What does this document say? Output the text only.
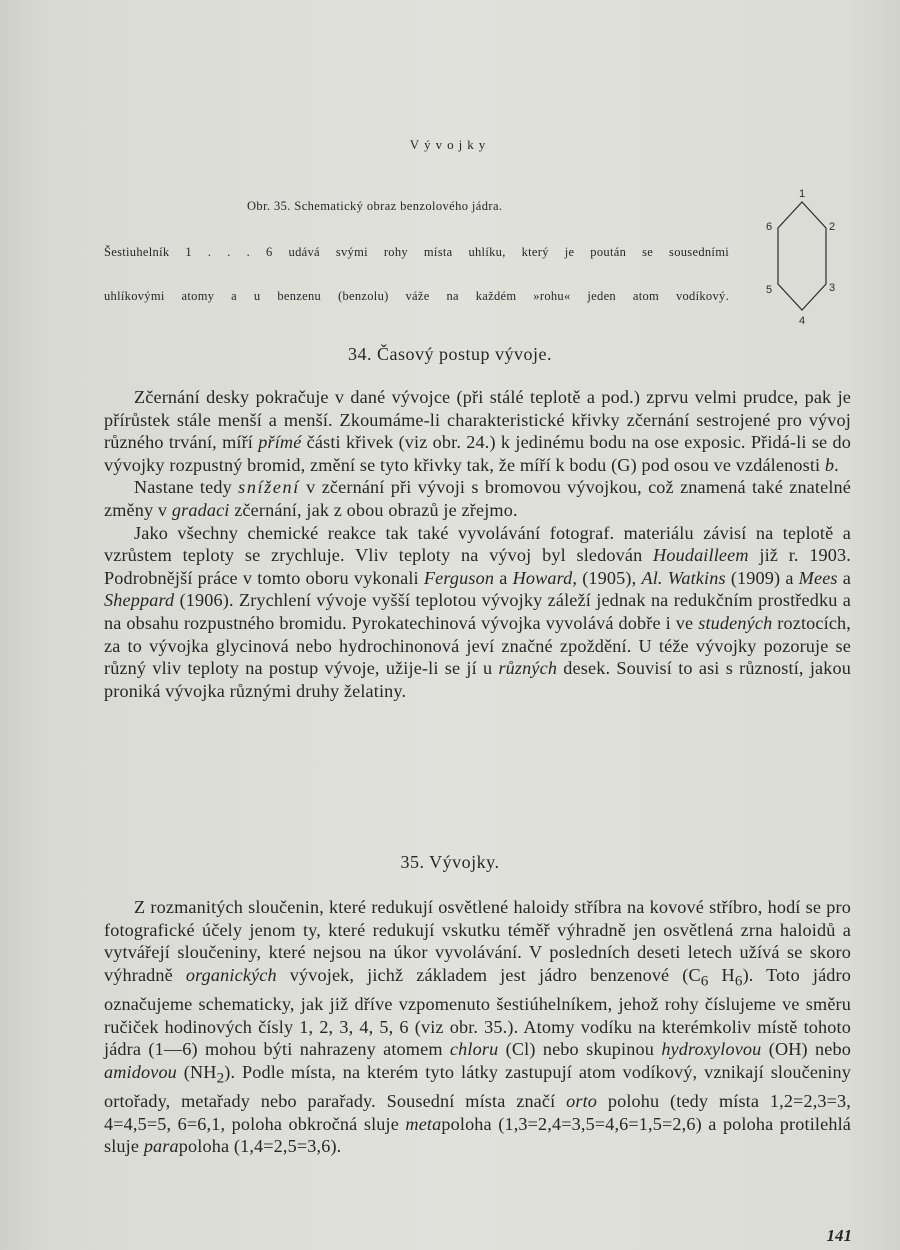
Vývojky
Obr. 35. Schematický obraz benzolového jádra.
Šestiuhelník 1 . . . 6 udává svými rohy místa uhlíku, který je poután se sousedními
uhlíkovými atomy a u benzenu (benzolu) váže na každém »rohu« jeden atom vodíkový.
1
2
3
4
5
6
34. Časový postup vývoje.

Zčernání desky pokračuje v dané vývojce (při stálé teplotě a pod.) zprvu velmi prudce, pak je přírůstek stále menší a menší. Zkoumáme-li charakteristické křivky zčernání sestrojené pro vývoj různého trvání, míří přímé části křivek (viz obr. 24.) k jedinému bodu na ose exposic. Přidá-li se do vývojky rozpustný bromid, změní se tyto křivky tak, že míří k bodu (G) pod osou ve vzdálenosti b.

Nastane tedy snížení v zčernání při vývoji s bromovou vývojkou, což znamená také znatelné změny v gradaci zčernání, jak z obou obrazů je zřejmo.

Jako všechny chemické reakce tak také vyvolávání fotograf. materiálu závisí na teplotě a vzrůstem teploty se zrychluje. Vliv teploty na vývoj byl sledován Houdailleem již r. 1903. Podrobnější práce v tomto oboru vykonali Ferguson a Howard, (1905), Al. Watkins (1909) a Mees a Sheppard (1906). Zrychlení vývoje vyšší teplotou vývojky záleží jednak na redukčním prostředku a na obsahu rozpustného bromidu. Pyrokatechinová vývojka vyvolává dobře i ve studených roztocích, za to vývojka glycinová nebo hydrochinonová jeví značné zpoždění. U téže vývojky pozoruje se různý vliv teploty na postup vývoje, užije-li se jí u různých desek. Souvisí to asi s růzností, jakou proniká vývojka různými druhy želatiny.

35. Vývojky.

Z rozmanitých sloučenin, které redukují osvětlené haloidy stříbra na kovové stříbro, hodí se pro fotografické účely jenom ty, které redukují vskutku téměř výhradně jen osvětlená zrna haloidů a vytvářejí sloučeniny, které nejsou na úkor vyvolávání. V posledních deseti letech užívá se skoro výhradně organických vývojek, jichž základem jest jádro benzenové ($C_6$ $H_6$). Toto jádro označujeme schematicky, jak již dříve vzpomenuto šestiúhelníkem, jehož rohy číslujeme ve směru ručiček hodinových čísly 1, 2, 3, 4, 5, 6 (viz obr. 35.). Atomy vodíku na kterémkoliv místě tohoto jádra (1—6) mohou býti nahrazeny atomem chloru (Cl) nebo skupinou hydroxylovou (OH) nebo amidovou $(NH_2)$. Podle místa, na kterém tyto látky zastupují atom vodíkový, vznikají sloučeniny ortořady, metařady nebo parařady. Sousední místa značí orto polohu (tedy místa 1,2=2,3=3, 4=4,5=5, 6=6,1, poloha obkročná sluje metapoloha (1,3=2,4=3,5=4,6=1,5=2,6) a poloha protilehlá sluje parapoloha (1,4=2,5=3,6).

141
